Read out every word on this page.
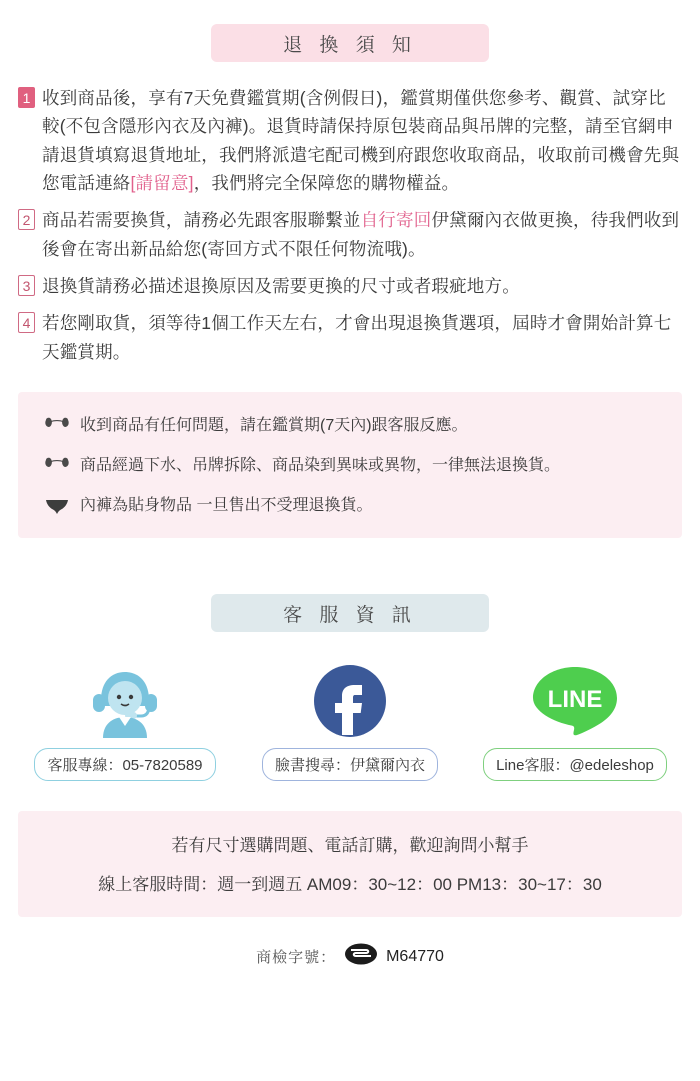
退 換 須 知
1 收到商品後，享有7天免費鑑賞期(含例假日)，鑑賞期僅供您參考、觀賞、試穿比較(不包含隱形內衣及內褲)。退貨時請保持原包裝商品與吊牌的完整，請至官網申請退貨填寫退貨地址，我們將派遣宅配司機到府跟您收取商品，收取前司機會先與您電話連絡[請留意]，我們將完全保障您的購物權益。
2 商品若需要換貨，請務必先跟客服聯繫並自行寄回伊黛爾內衣做更換，待我們收到後會在寄出新品給您(寄回方式不限任何物流哦)。
3 退換貨請務必描述退換原因及需要更換的尺寸或者瑕疵地方。
4 若您剛取貨，須等待1個工作天左右，才會出現退換貨選項，屆時才會開始計算七天鑑賞期。
收到商品有任何問題，請在鑑賞期(7天內)跟客服反應。
商品經過下水、吊牌拆除、商品染到異味或異物，一律無法退換貨。
內褲為貼身物品 一旦售出不受理退換貨。
客 服 資 訊
客服專線：05-7820589	臉書搜尋：伊黛爾內衣
LINE
Line客服：@edeleshop
若有尺寸選購問題、電話訂購，歡迎詢問小幫手
線上客服時間：週一到週五 AM09：30~12：00 PM13：30~17：30
商檢字號：	M64770
